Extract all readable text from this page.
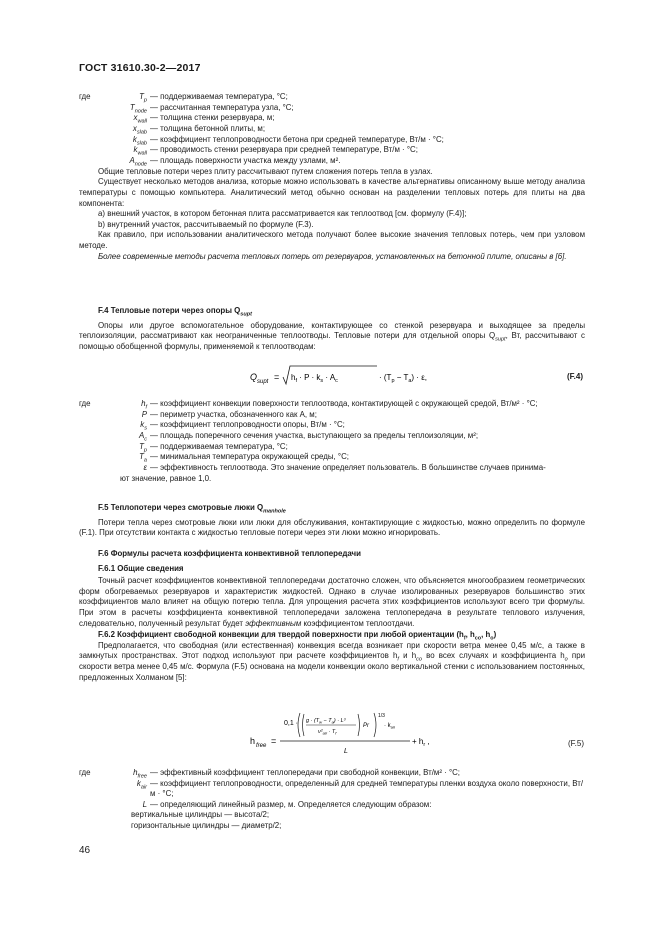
ГОСТ 31610.30-2—2017
где	$T_p$ — поддерживаемая температура, °C;
$T_{node}$ — рассчитанная температура узла, °C;
$x_{wall}$ — толщина стенки резервуара, м;
$x_{slab}$ — толщина бетонной плиты, м;
$k_{slab}$ — коэффициент теплопроводности бетона при средней температуре, Вт/м · °C;
$k_{wall}$ — проводимость стенки резервуара при средней температуре, Вт/м · °C;
$A_{node}$ — площадь поверхности участка между узлами, м².

Общие тепловые потери через плиту рассчитывают путем сложения потерь тепла в узлах.

Существует несколько методов анализа, которые можно использовать в качестве альтернативы описанному выше методу анализа температуры с помощью компьютера. Аналитический метод обычно основан на разделении тепловых потерь для плиты на два компонента:

а) внешний участок, в котором бетонная плита рассматривается как теплоотвод [см. формулу (F.4)];

b) внутренний участок, рассчитываемый по формуле (F.3).

Как правило, при использовании аналитического метода получают более высокие значения тепловых потерь, чем при узловом методе.

Более современные методы расчета тепловых потерь от резервуаров, установленных на бетонной плите, описаны в [6].

F.4 Тепловые потери через опоры $Q_{supt}$

Опоры или другое вспомогательное оборудование, контактирующее со стенкой резервуара и выходящее за пределы теплоизоляции, рассматривают как неограниченные теплоотводы. Тепловые потери для отдельной опоры $Q_{supt}$, Вт, рассчитывают с помощью обобщенной формулы, применяемой к теплоотводам:

Q supt = $h_f \cdot P \cdot k_s \cdot A_c$	· $(T_p - T_a) \cdot \varepsilon$,	(F.4)
где	$h_f$ — коэффициент конвекции поверхности теплоотвода, контактирующей с окружающей средой, Вт/м² · °C;
P — периметр участка, обозначенного как A, м;
$k_s$ — коэффициент теплопроводности опоры, Вт/м · °C;
$A_c$ — площадь поперечного сечения участка, выступающего за пределы теплоизоляции, м²;
$T_p$ — поддерживаемая температура, °C;
$T_a$ — минимальная температура окружающей среды, °C;
ε — эффективность теплоотвода. Это значение определяет пользователь. В большинстве случаев принима-

ют значение, равное 1,0.

F.5 Теплопотери через смотровые люки $Q_{manhole}$

Потери тепла через смотровые люки или люки для обслуживания, контактирующие с жидкостью, можно определить по формуле (F.1). При отсутствии контакта с жидкостью тепловые потери через эти люки можно игнорировать.

F.6 Формулы расчета коэффициента конвективной теплопередачи

F.6.1 Общие сведения

Точный расчет коэффициентов конвективной теплопередачи достаточно сложен, что объясняется многообразием геометрических форм обогреваемых резервуаров и характеристик жидкостей. Однако в случае изолированных резервуаров большинство этих коэффициентов мало влияет на общую потерю тепла. Для упрощения расчета этих коэффициентов используют всего три формулы. При этом в расчеты коэффициента конвективной теплопередачи заложена теплопередача в результате теплового излучения, следовательно, полученный результат будет эффективным коэффициентом теплоотдачи.

F.6.2 Коэффициент свободной конвекции для твердой поверхности при любой ориентации ($h_f$, $h_{co}$, $h_o$)

Предполагается, что свободная (или естественная) конвекция всегда возникает при скорости ветра менее 0,45 м/с, а также в замкнутых пространствах. Этот подход используют при расчете коэффициентов $h_f$ и $h_{co}$ во всех случаях и коэффициента $h_o$ при скорости ветра менее 0,45 м/с. Формула (F.5) основана на модели конвекции около вертикальной стенки с использованием постоянных, предложенных Холманом [5]:

h free =
$0,1 \cdot g \cdot (T_w - T_a) \cdot L^3$
$\nu^2_{air} \cdot T_f$
Pr
1/3
· $k_{air}$
L
+ $h_r$ ,	(F.5)
где	$h_{free}$ — эффективный коэффициент теплопередачи при свободной конвекции, Вт/м² · °C;
$k_{air}$ — коэффициент теплопроводности, определенный для средней температуры пленки воздуха около поверхности, Вт/м · °C;
L — определяющий линейный размер, м. Определяется следующим образом:

вертикальные цилиндры — высота/2;

горизонтальные цилиндры — диаметр/2;

46
